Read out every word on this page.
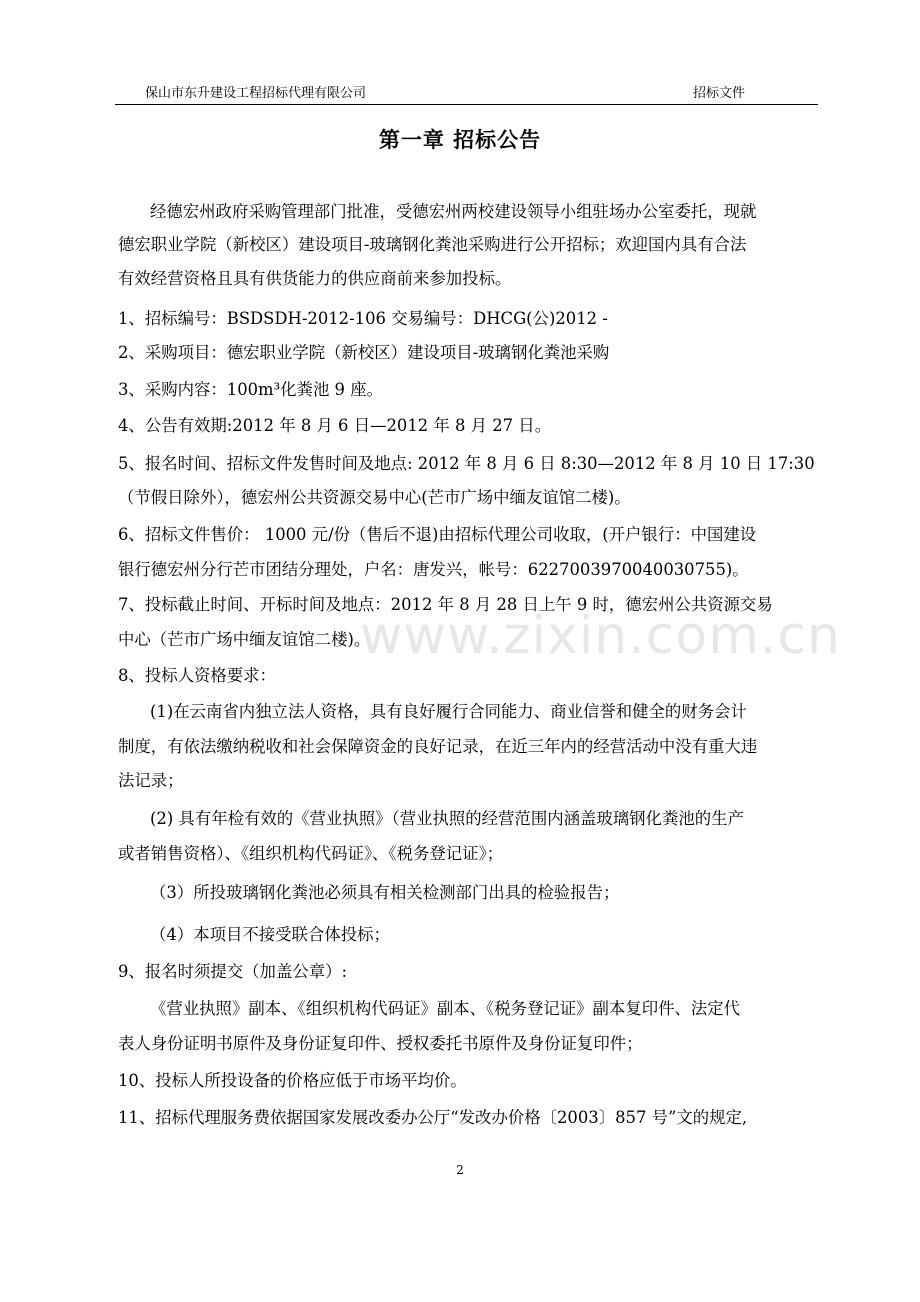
保山市东升建设工程招标代理有限公司	招标文件
第一章 招标公告
www.zixin.com.cn
经德宏州政府采购管理部门批准，受德宏州两校建设领导小组驻场办公室委托，现就
德宏职业学院（新校区）建设项目-玻璃钢化粪池采购进行公开招标；欢迎国内具有合法
有效经营资格且具有供货能力的供应商前来参加投标。
1、招标编号：BSDSDH-2012-106 交易编号：DHCG(公)2012 -
2、采购项目：德宏职业学院（新校区）建设项目-玻璃钢化粪池采购
3、采购内容：100m³化粪池 9 座。
4、公告有效期:2012 年 8 月 6 日—2012 年 8 月 27 日。
5、报名时间、招标文件发售时间及地点: 2012 年 8 月 6 日 8:30—2012 年 8 月 10 日 17:30
（节假日除外），德宏州公共资源交易中心(芒市广场中缅友谊馆二楼)。
6、招标文件售价： 1000 元/份（售后不退)由招标代理公司收取，(开户银行：中国建设
银行德宏州分行芒市团结分理处，户名：唐发兴，帐号：6227003970040030755)。
7、投标截止时间、开标时间及地点：2012 年 8 月 28 日上午 9 时，德宏州公共资源交易
中心（芒市广场中缅友谊馆二楼)。
8、投标人资格要求：
(1)在云南省内独立法人资格，具有良好履行合同能力、商业信誉和健全的财务会计
制度，有依法缴纳税收和社会保障资金的良好记录，在近三年内的经营活动中没有重大违
法记录；
(2) 具有年检有效的《营业执照》（营业执照的经营范围内涵盖玻璃钢化粪池的生产
或者销售资格）、《组织机构代码证》、《税务登记证》；
（3）所投玻璃钢化粪池必须具有相关检测部门出具的检验报告；
（4）本项目不接受联合体投标；
9、报名时须提交（加盖公章）:
《营业执照》副本、《组织机构代码证》副本、《税务登记证》副本复印件、法定代
表人身份证明书原件及身份证复印件、授权委托书原件及身份证复印件；
10、投标人所投设备的价格应低于市场平均价。
11、招标代理服务费依据国家发展改委办公厅“发改办价格〔2003〕857 号”文的规定,
2
